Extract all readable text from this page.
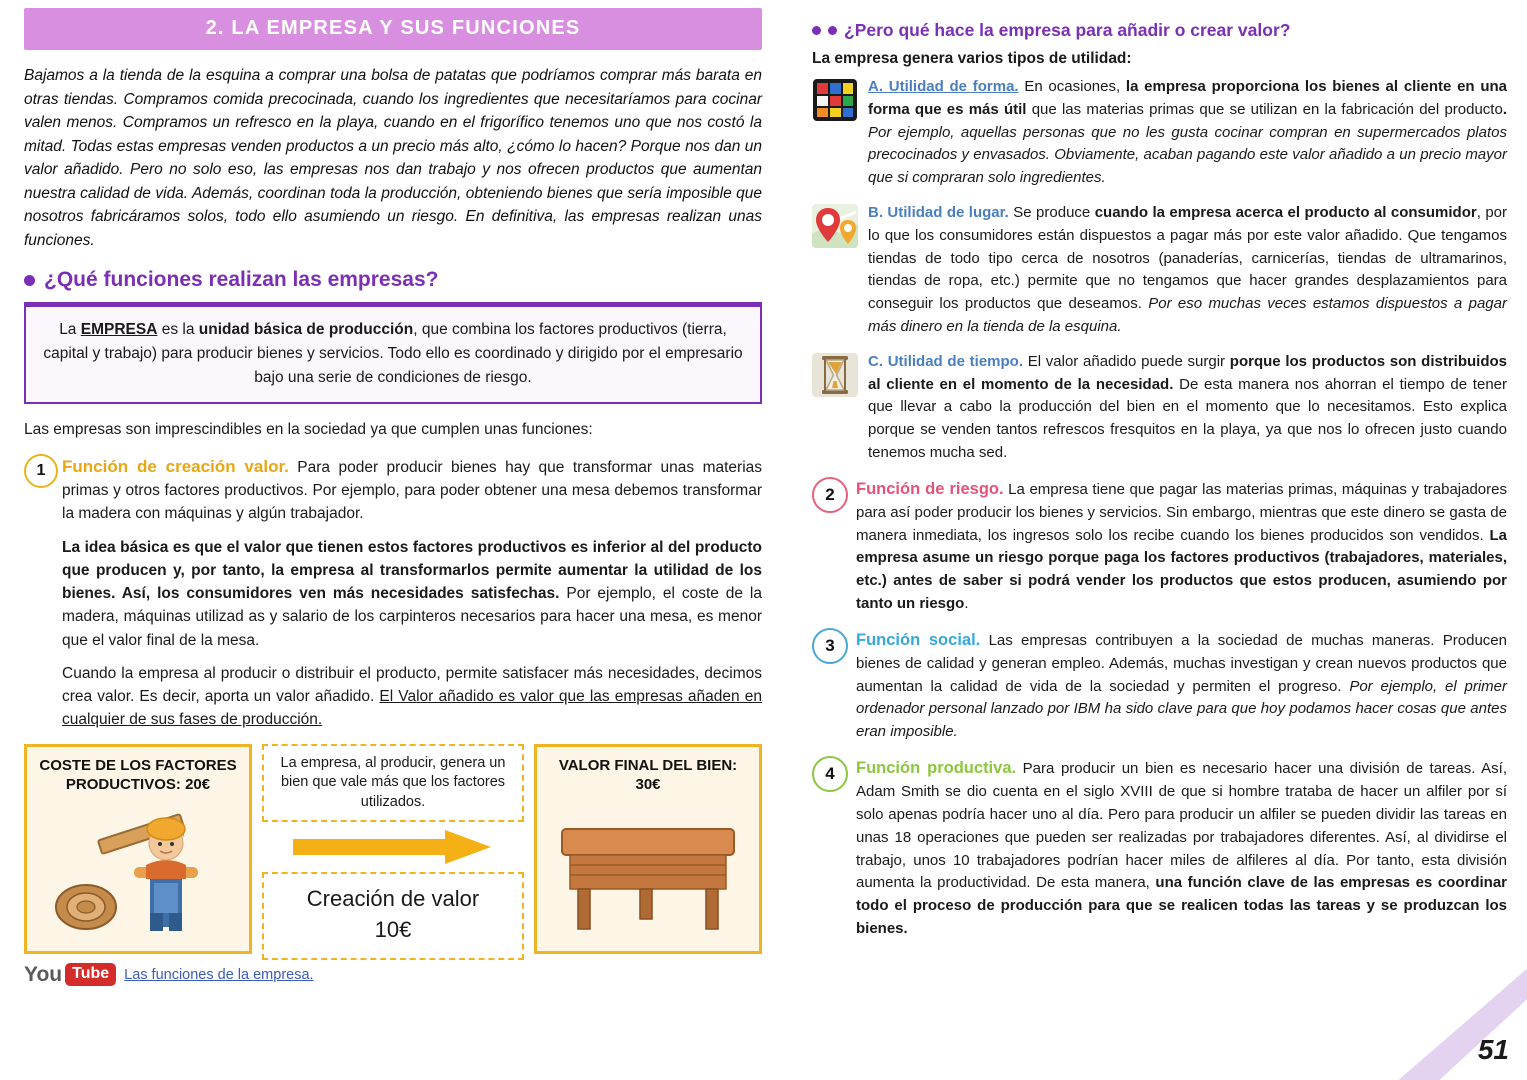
2. LA EMPRESA Y SUS FUNCIONES
Bajamos a la tienda de la esquina a comprar una bolsa de patatas que podríamos comprar más barata en otras tiendas. Compramos comida precocinada, cuando los ingredientes que necesitaríamos para cocinar valen menos. Compramos un refresco en la playa, cuando en el frigorífico tenemos uno que nos costó la mitad. Todas estas empresas venden productos a un precio más alto, ¿cómo lo hacen? Porque nos dan un valor añadido. Pero no solo eso, las empresas nos dan trabajo y nos ofrecen productos que aumentan nuestra calidad de vida. Además, coordinan toda la producción, obteniendo bienes que sería imposible que nosotros fabricáramos solos, todo ello asumiendo un riesgo. En definitiva, las empresas realizan unas funciones.
¿Qué funciones realizan las empresas?
La EMPRESA es la unidad básica de producción, que combina los factores productivos (tierra, capital y trabajo) para producir bienes y servicios. Todo ello es coordinado y dirigido por el empresario bajo una serie de condiciones de riesgo.
Las empresas son imprescindibles en la sociedad ya que cumplen unas funciones:
1 Función de creación valor. Para poder producir bienes hay que transformar unas materias primas y otros factores productivos. Por ejemplo, para poder obtener una mesa debemos transformar la madera con máquinas y algún trabajador.

La idea básica es que el valor que tienen estos factores productivos es inferior al del producto que producen y, por tanto, la empresa al transformarlos permite aumentar la utilidad de los bienes. Así, los consumidores ven más necesidades satisfechas. Por ejemplo, el coste de la madera, máquinas utilizad as y salario de los carpinteros necesarios para hacer una mesa, es menor que el valor final de la mesa.

Cuando la empresa al producir o distribuir el producto, permite satisfacer más necesidades, decimos crea valor. Es decir, aporta un valor añadido. El Valor añadido es valor que las empresas añaden en cualquier de sus fases de producción.

COSTE DE LOS FACTORES
PRODUCTIVOS: 20€
La empresa, al producir, genera un bien que vale más que los factores utilizados.
Creación de valor
10€
VALOR FINAL DEL BIEN:
30€
You Tube	Las funciones de la empresa.
¿Pero qué hace la empresa para añadir o crear valor?
La empresa genera varios tipos de utilidad:
A. Utilidad de forma. En ocasiones, la empresa proporciona los bienes al cliente en una forma que es más útil que las materias primas que se utilizan en la fabricación del producto. Por ejemplo, aquellas personas que no les gusta cocinar compran en supermercados platos precocinados y envasados. Obviamente, acaban pagando este valor añadido a un precio mayor que si compraran solo ingredientes.
B. Utilidad de lugar. Se produce cuando la empresa acerca el producto al consumidor, por lo que los consumidores están dispuestos a pagar más por este valor añadido. Que tengamos tiendas de todo tipo cerca de nosotros (panaderías, carnicerías, tiendas de ultramarinos, tiendas de ropa, etc.) permite que no tengamos que hacer grandes desplazamientos para conseguir los productos que deseamos. Por eso muchas veces estamos dispuestos a pagar más dinero en la tienda de la esquina.
C. Utilidad de tiempo. El valor añadido puede surgir porque los productos son distribuidos al cliente en el momento de la necesidad. De esta manera nos ahorran el tiempo de tener que llevar a cabo la producción del bien en el momento que lo necesitamos. Esto explica porque se venden tantos refrescos fresquitos en la playa, ya que nos lo ofrecen justo cuando tenemos mucha sed.
2	Función de riesgo. La empresa tiene que pagar las materias primas, máquinas y trabajadores para así poder producir los bienes y servicios. Sin embargo, mientras que este dinero se gasta de manera inmediata, los ingresos solo los recibe cuando los bienes producidos son vendidos. La empresa asume un riesgo porque paga los factores productivos (trabajadores, materiales, etc.) antes de saber si podrá vender los productos que estos producen, asumiendo por tanto un riesgo.
3	Función social. Las empresas contribuyen a la sociedad de muchas maneras. Producen bienes de calidad y generan empleo. Además, muchas investigan y crean nuevos productos que aumentan la calidad de vida de la sociedad y permiten el progreso. Por ejemplo, el primer ordenador personal lanzado por IBM ha sido clave para que hoy podamos hacer cosas que antes eran imposible.
4	Función productiva. Para producir un bien es necesario hacer una división de tareas. Así, Adam Smith se dio cuenta en el siglo XVIII de que si hombre trataba de hacer un alfiler por sí solo apenas podría hacer uno al día. Pero para producir un alfiler se pueden dividir las tareas en unas 18 operaciones que pueden ser realizadas por trabajadores diferentes. Así, al dividirse el trabajo, unos 10 trabajadores podrían hacer miles de alfileres al día. Por tanto, esta división aumenta la productividad. De esta manera, una función clave de las empresas es coordinar todo el proceso de producción para que se realicen todas las tareas y se produzcan los bienes.
51
